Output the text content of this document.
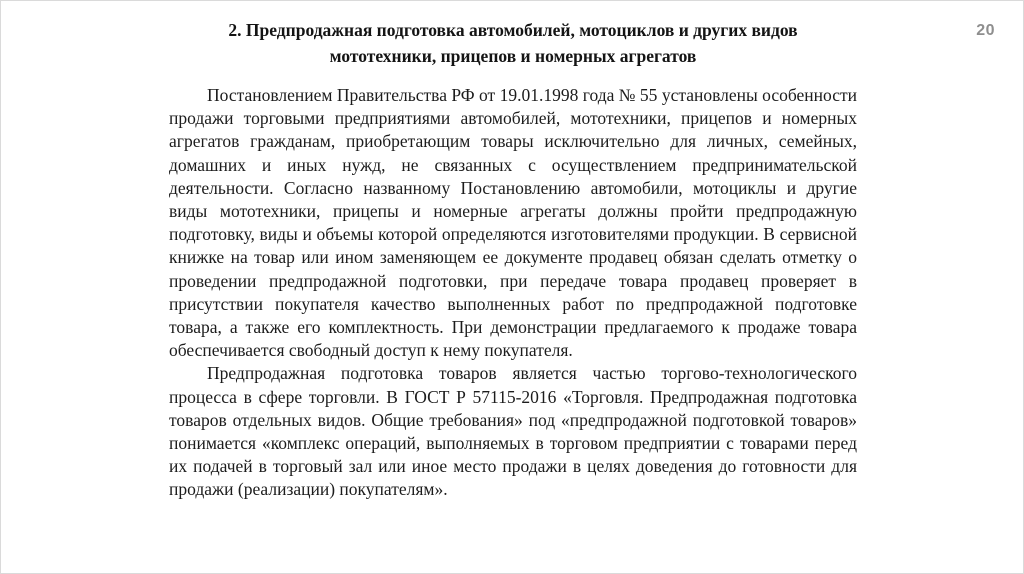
20
2. Предпродажная подготовка автомобилей, мотоциклов и других видов мототехники, прицепов и номерных агрегатов

Постановлением Правительства РФ от 19.01.1998 года № 55 установлены особенности продажи торговыми предприятиями автомобилей, мототехники, прицепов и номерных агрегатов гражданам, приобретающим товары исключительно для личных, семейных, домашних и иных нужд, не связанных с осуществлением предпринимательской деятельности. Согласно названному Постановлению автомобили, мотоциклы и другие виды мототехники, прицепы и номерные агрегаты должны пройти предпродажную подготовку, виды и объемы которой определяются изготовителями продукции. В сервисной книжке на товар или ином заменяющем ее документе продавец обязан сделать отметку о проведении предпродажной подготовки, при передаче товара продавец проверяет в присутствии покупателя качество выполненных работ по предпродажной подготовке товара, а также его комплектность. При демонстрации предлагаемого к продаже товара обеспечивается свободный доступ к нему покупателя.

Предпродажная подготовка товаров является частью торгово-технологического процесса в сфере торговли. В ГОСТ Р 57115-2016 «Торговля. Предпродажная подготовка товаров отдельных видов. Общие требования» под «предпродажной подготовкой товаров» понимается «комплекс операций, выполняемых в торговом предприятии с товарами перед их подачей в торговый зал или иное место продажи в целях доведения до готовности для продажи (реализации) покупателям».
